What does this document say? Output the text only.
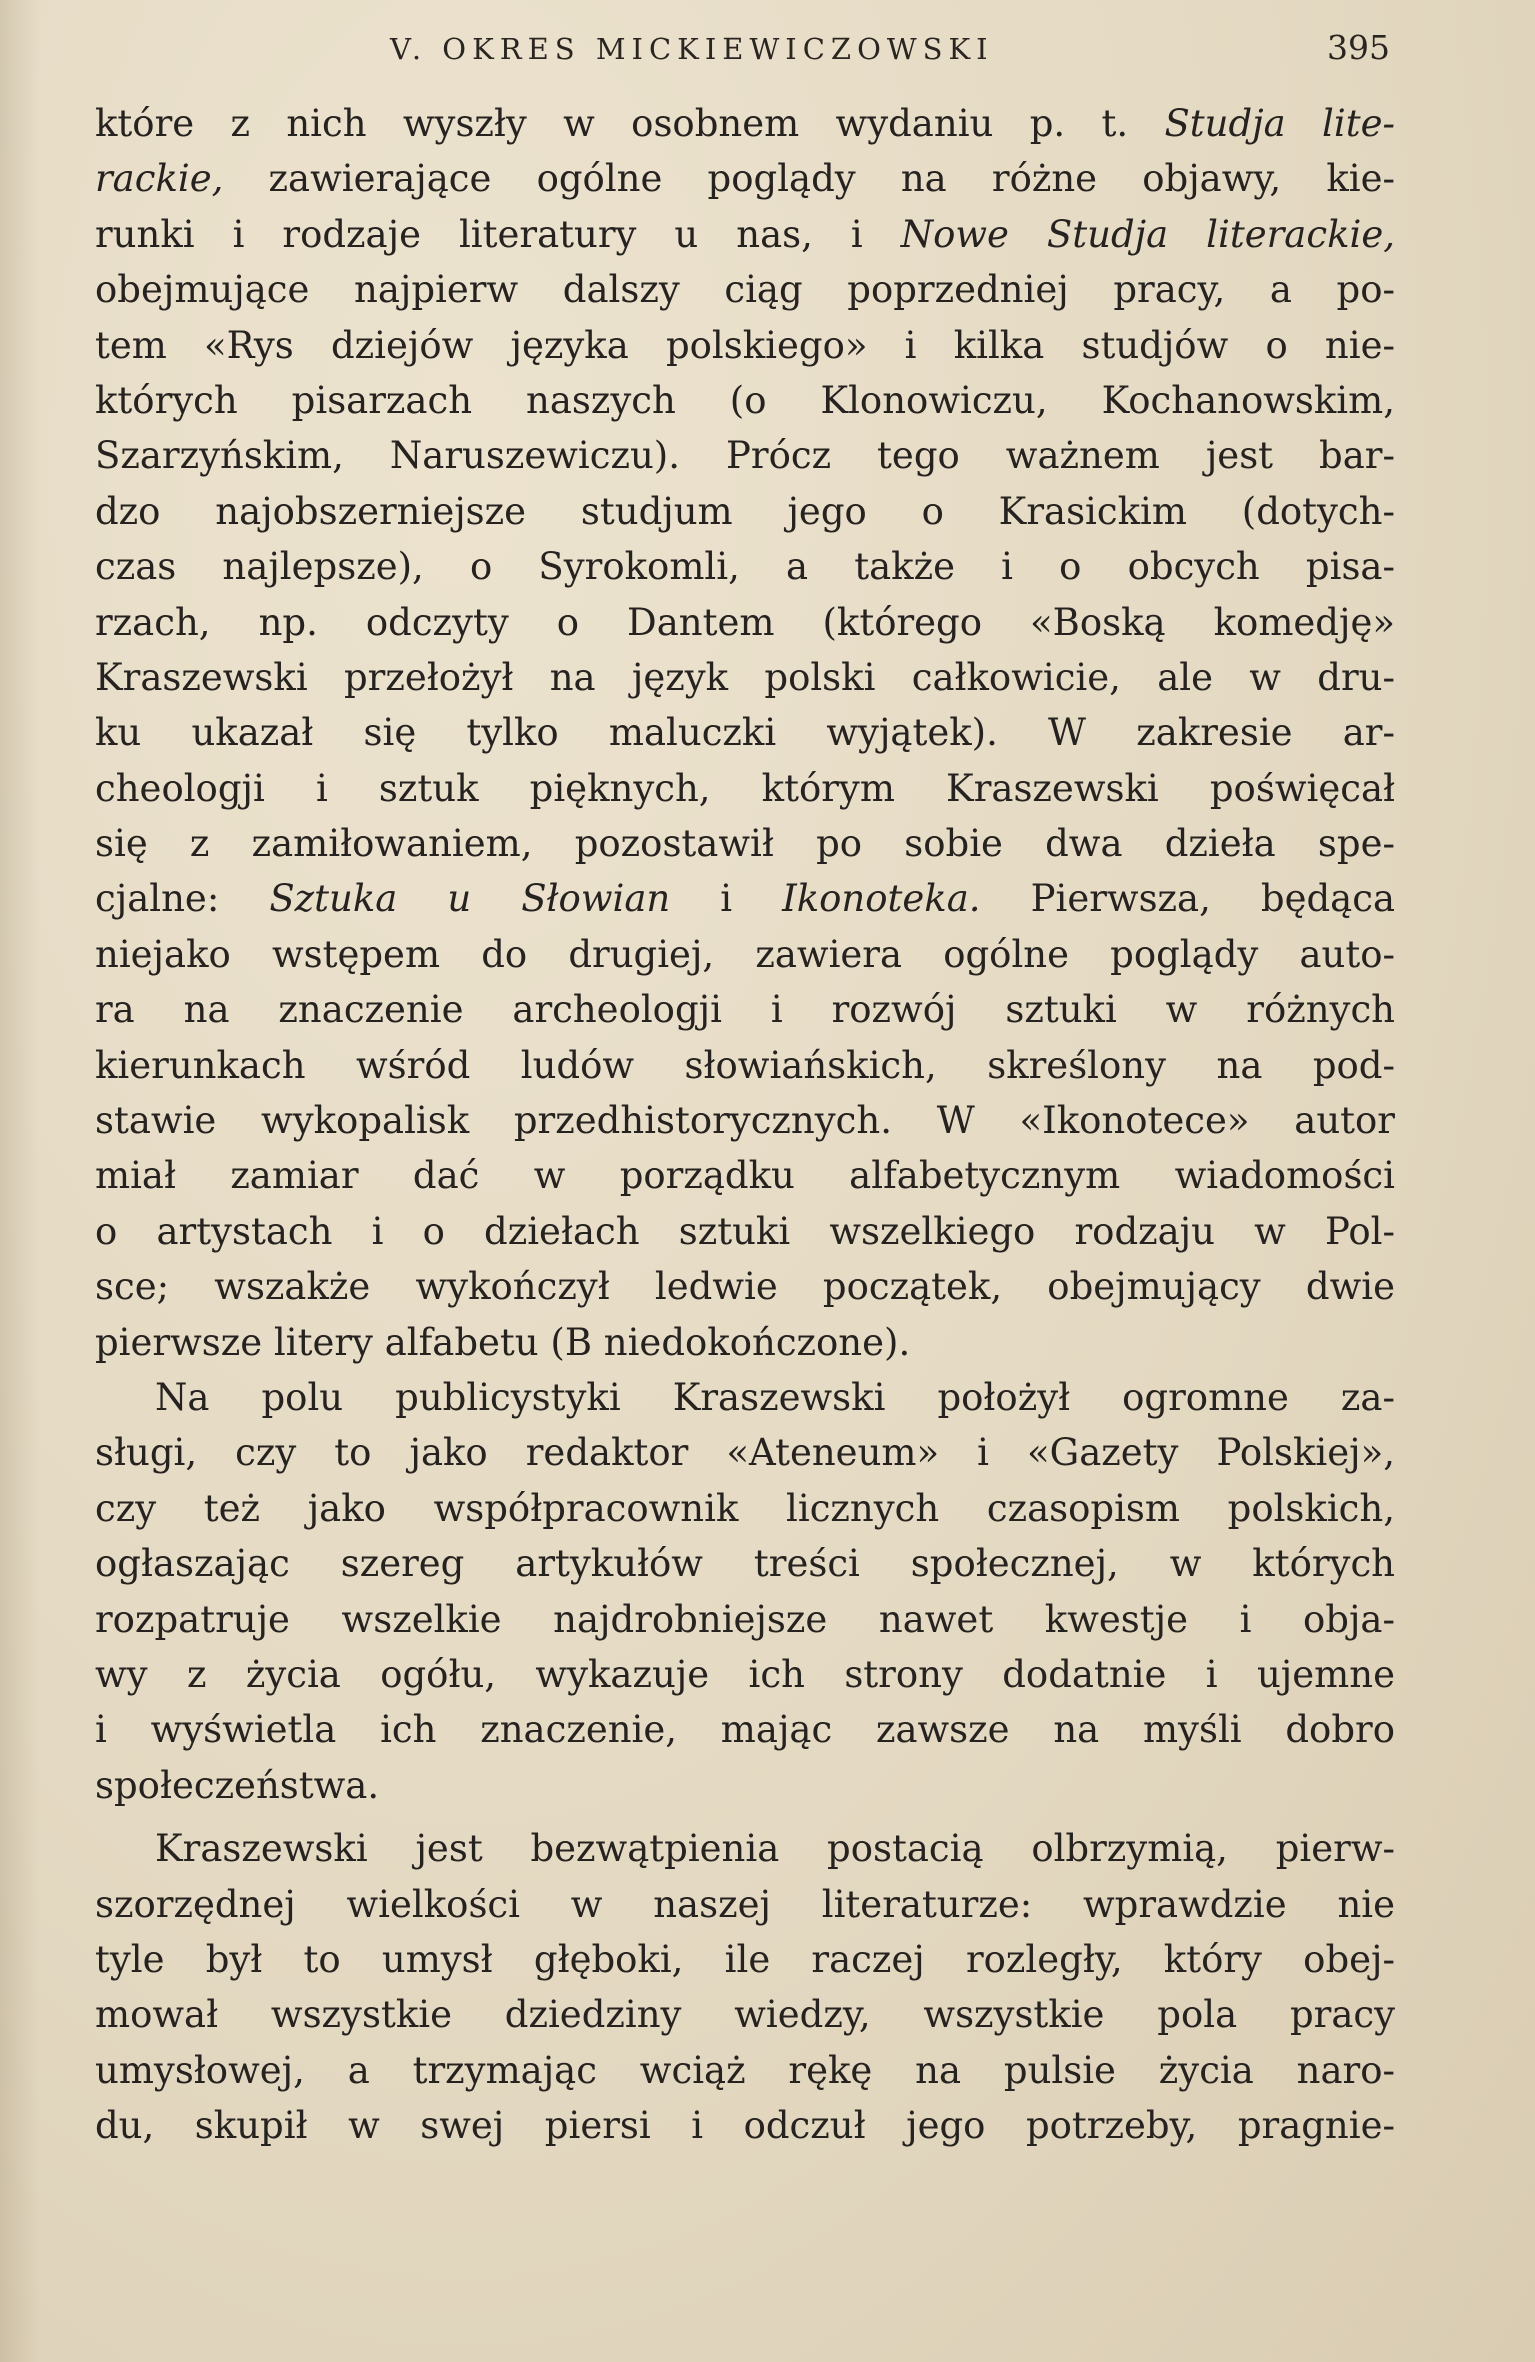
V. OKRES MICKIEWICZOWSKI	395
które z nich wyszły w osobnem wydaniu p. t. Studja lite-
rackie, zawierające ogólne poglądy na różne objawy, kie-
runki i rodzaje literatury u nas, i Nowe Studja literackie,
obejmujące najpierw dalszy ciąg poprzedniej pracy, a po-
tem «Rys dziejów języka polskiego» i kilka studjów o nie-
których pisarzach naszych (o Klonowiczu, Kochanowskim,
Szarzyńskim, Naruszewiczu). Prócz tego ważnem jest bar-
dzo najobszerniejsze studjum jego o Krasickim (dotych-
czas najlepsze), o Syrokomli, a także i o obcych pisa-
rzach, np. odczyty o Dantem (którego «Boską komedję»
Kraszewski przełożył na język polski całkowicie, ale w dru-
ku ukazał się tylko maluczki wyjątek). W zakresie ar-
cheologji i sztuk pięknych, którym Kraszewski poświęcał
się z zamiłowaniem, pozostawił po sobie dwa dzieła spe-
cjalne: Sztuka u Słowian i Ikonoteka. Pierwsza, będąca
niejako wstępem do drugiej, zawiera ogólne poglądy auto-
ra na znaczenie archeologji i rozwój sztuki w różnych
kierunkach wśród ludów słowiańskich, skreślony na pod-
stawie wykopalisk przedhistorycznych. W «Ikonotece» autor
miał zamiar dać w porządku alfabetycznym wiadomości
o artystach i o dziełach sztuki wszelkiego rodzaju w Pol-
sce; wszakże wykończył ledwie początek, obejmujący dwie
pierwsze litery alfabetu (B niedokończone).
Na polu publicystyki Kraszewski położył ogromne za-
sługi, czy to jako redaktor «Ateneum» i «Gazety Polskiej»,
czy też jako współpracownik licznych czasopism polskich,
ogłaszając szereg artykułów treści społecznej, w których
rozpatruje wszelkie najdrobniejsze nawet kwestje i obja-
wy z życia ogółu, wykazuje ich strony dodatnie i ujemne
i wyświetla ich znaczenie, mając zawsze na myśli dobro
społeczeństwa.
Kraszewski jest bezwątpienia postacią olbrzymią, pierw-
szorzędnej wielkości w naszej literaturze: wprawdzie nie
tyle był to umysł głęboki, ile raczej rozległy, który obej-
mował wszystkie dziedziny wiedzy, wszystkie pola pracy
umysłowej, a trzymając wciąż rękę na pulsie życia naro-
du, skupił w swej piersi i odczuł jego potrzeby, pragnie-
